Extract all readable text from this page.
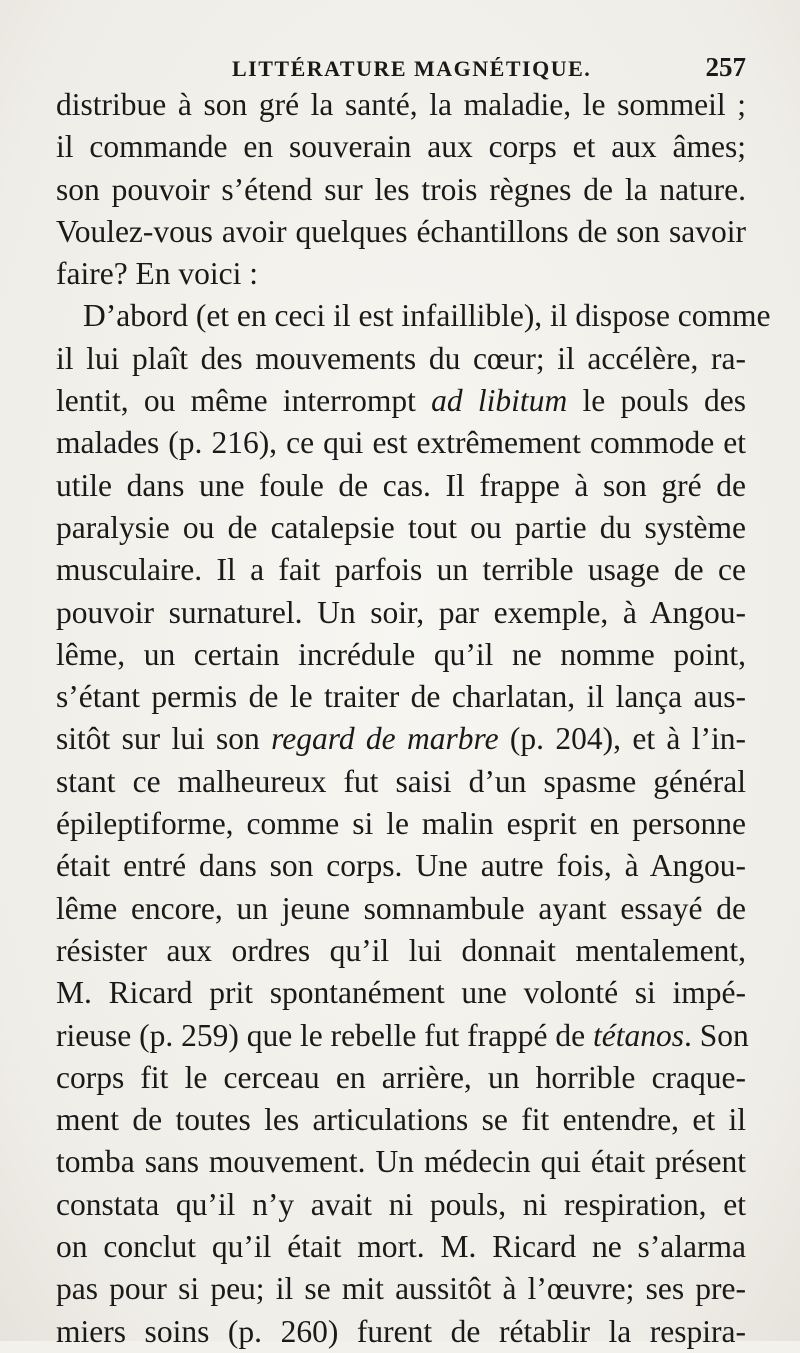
LITTÉRATURE MAGNÉTIQUE.	257
distribue à son gré la santé, la maladie, le sommeil ;
il commande en souverain aux corps et aux âmes;
son pouvoir s’étend sur les trois règnes de la nature.
Voulez-vous avoir quelques échantillons de son savoir
faire? En voici :
D’abord (et en ceci il est infaillible), il dispose comme
il lui plaît des mouvements du cœur; il accélère, ra-
lentit, ou même interrompt ad libitum le pouls des
malades (p. 216), ce qui est extrêmement commode et
utile dans une foule de cas. Il frappe à son gré de
paralysie ou de catalepsie tout ou partie du système
musculaire. Il a fait parfois un terrible usage de ce
pouvoir surnaturel. Un soir, par exemple, à Angou-
lême, un certain incrédule qu’il ne nomme point,
s’étant permis de le traiter de charlatan, il lança aus-
sitôt sur lui son regard de marbre (p. 204), et à l’in-
stant ce malheureux fut saisi d’un spasme général
épileptiforme, comme si le malin esprit en personne
était entré dans son corps. Une autre fois, à Angou-
lême encore, un jeune somnambule ayant essayé de
résister aux ordres qu’il lui donnait mentalement,
M. Ricard prit spontanément une volonté si impé-
rieuse (p. 259) que le rebelle fut frappé de tétanos. Son
corps fit le cerceau en arrière, un horrible craque-
ment de toutes les articulations se fit entendre, et il
tomba sans mouvement. Un médecin qui était présent
constata qu’il n’y avait ni pouls, ni respiration, et
on conclut qu’il était mort. M. Ricard ne s’alarma
pas pour si peu; il se mit aussitôt à l’œuvre; ses pre-
miers soins (p. 260) furent de rétablir la respira-
